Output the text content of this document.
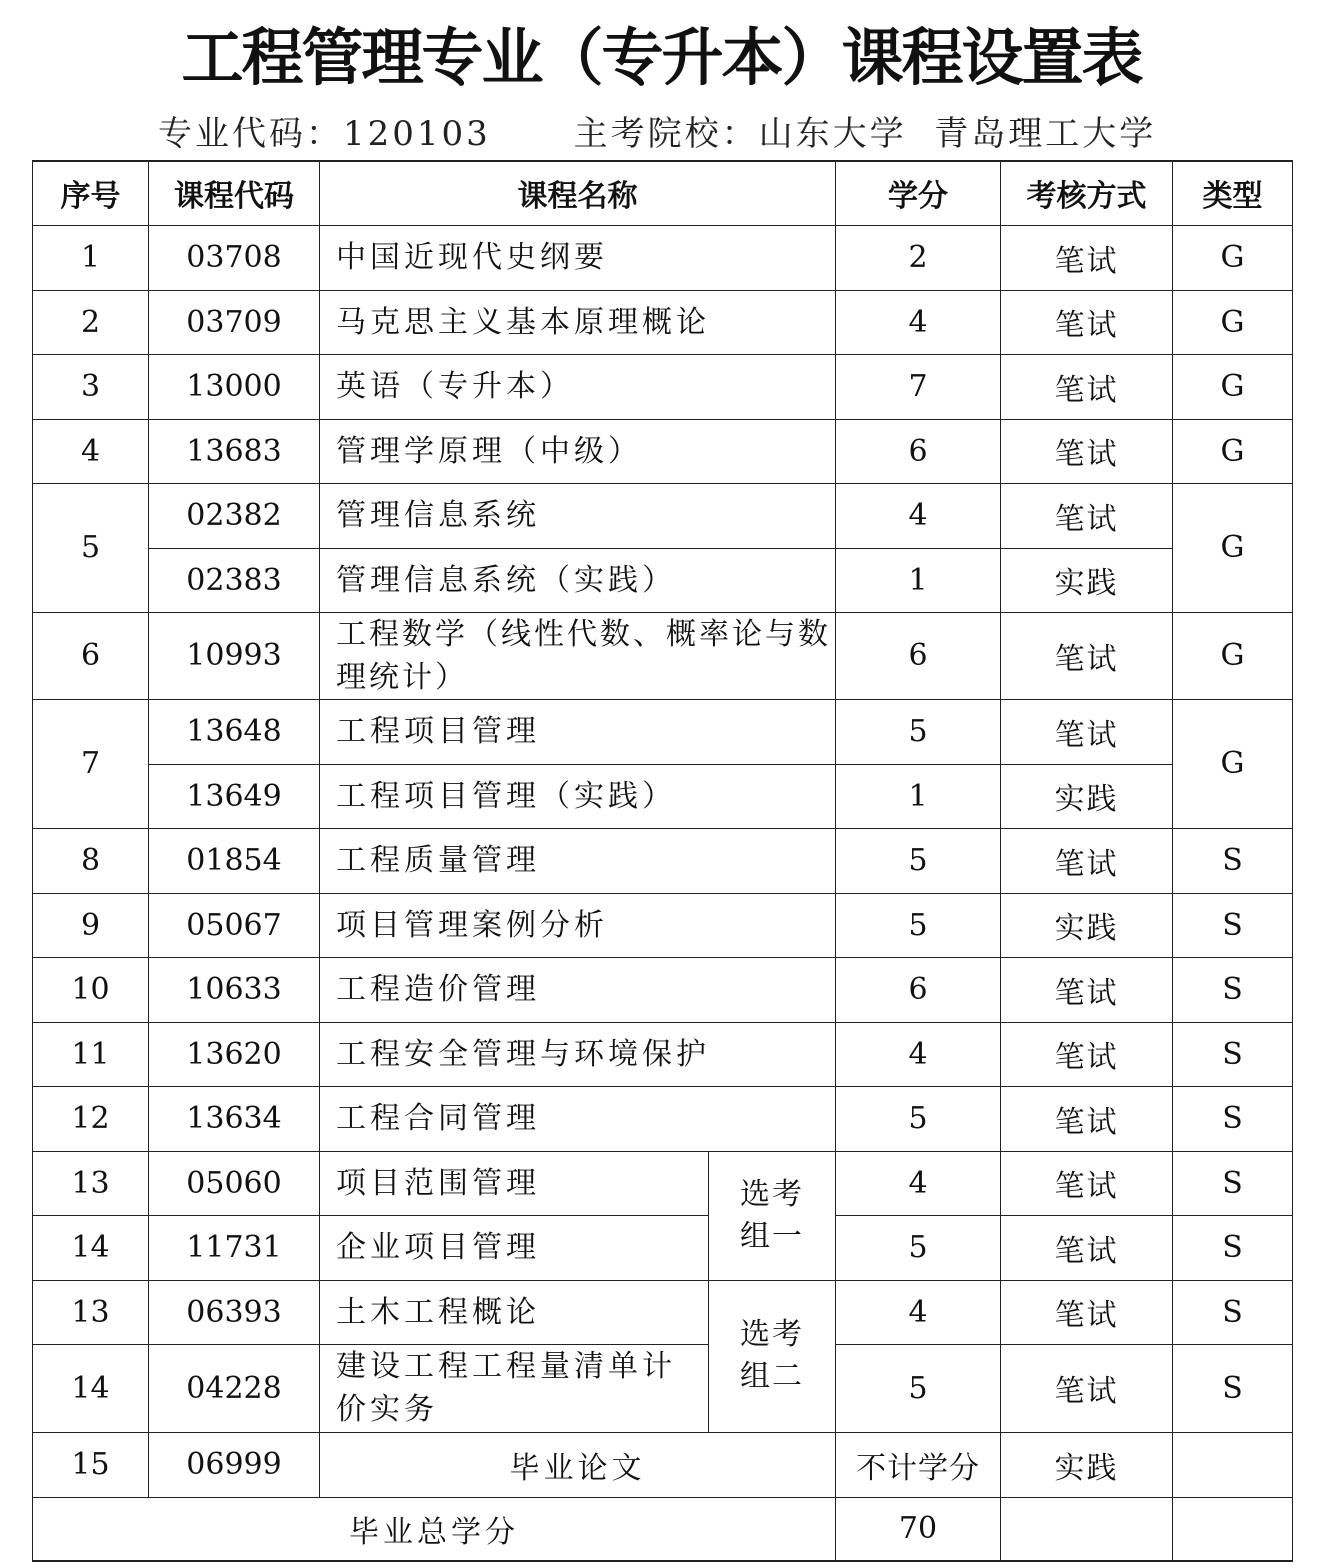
工程管理专业（专升本）课程设置表
专业代码：120103      主考院校：山东大学  青岛理工大学
序号	课程代码	课程名称		学分	考核方式	类型
1	03708	中国近现代史纲要		2	笔试	G
2	03709	马克思主义基本原理概论		4	笔试	G
3	13000	英语（专升本）		7	笔试	G
4	13683	管理学原理（中级）		6	笔试	G
5	02382	管理信息系统		4	笔试	G
	02383	管理信息系统（实践）		1	实践	
6	10993	工程数学（线性代数、概率论与数理统计）		6	笔试	G
7	13648	工程项目管理		5	笔试	G
	13649	工程项目管理（实践）		1	实践	
8	01854	工程质量管理		5	笔试	S
9	05067	项目管理案例分析		5	实践	S
10	10633	工程造价管理		6	笔试	S
11	13620	工程安全管理与环境保护		4	笔试	S
12	13634	工程合同管理		5	笔试	S
13	05060	项目范围管理	选考组一	4	笔试	S
14	11731	企业项目管理		5	笔试	S
13	06393	土木工程概论	选考组二	4	笔试	S
14	04228	建设工程工程量清单计价实务		5	笔试	S
15	06999	毕业论文		不计学分	实践	
毕业总学分				70		
